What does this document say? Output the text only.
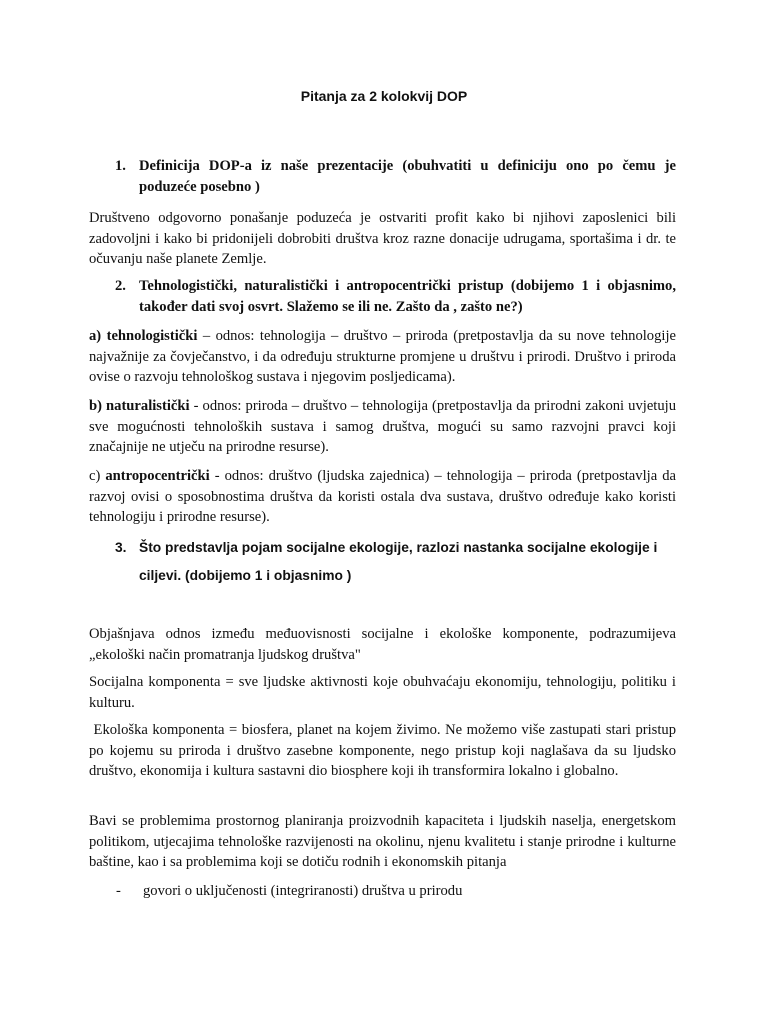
Pitanja za 2 kolokvij DOP
1. Definicija DOP-a iz naše prezentacije (obuhvatiti u definiciju ono po čemu je poduzeće posebno )
Društveno odgovorno ponašanje poduzeća je ostvariti profit kako bi njihovi zaposlenici bili zadovoljni i kako bi pridonijeli dobrobiti društva kroz razne donacije udrugama, sportašima i dr. te očuvanju naše planete Zemlje.
2. Tehnologistički, naturalistički i antropocentrički pristup (dobijemo 1 i objasnimo, također dati svoj osvrt. Slažemo se ili ne. Zašto da , zašto ne?)
a) tehnologistički – odnos: tehnologija – društvo – priroda (pretpostavlja da su nove tehnologije najvažnije za čovječanstvo, i da određuju strukturne promjene u društvu i prirodi. Društvo i priroda ovise o razvoju tehnološkog sustava i njegovim posljedicama).
b) naturalistički - odnos: priroda – društvo – tehnologija (pretpostavlja da prirodni zakoni uvjetuju sve mogućnosti tehnoloških sustava i samog društva, mogući su samo razvojni pravci koji značajnije ne utječu na prirodne resurse).
c) antropocentrički - odnos: društvo (ljudska zajednica) – tehnologija – priroda (pretpostavlja da razvoj ovisi o sposobnostima društva da koristi ostala dva sustava, društvo određuje kako koristi tehnologiju i prirodne resurse).
3. Što predstavlja pojam socijalne ekologije, razlozi nastanka socijalne ekologije i
ciljevi. (dobijemo 1 i objasnimo )
Objašnjava odnos između međuovisnosti socijalne i ekološke komponente, podrazumijeva „ekološki način promatranja ljudskog društva"
Socijalna komponenta = sve ljudske aktivnosti koje obuhvaćaju ekonomiju, tehnologiju, politiku i kulturu.
Ekološka komponenta = biosfera, planet na kojem živimo. Ne možemo više zastupati stari pristup po kojemu su priroda i društvo zasebne komponente, nego pristup koji naglašava da su ljudsko društvo, ekonomija i kultura sastavni dio biosphere koji ih transformira lokalno i globalno.
Bavi se problemima prostornog planiranja proizvodnih kapaciteta i ljudskih naselja, energetskom politikom, utjecajima tehnološke razvijenosti na okolinu, njenu kvalitetu i stanje prirodne i kulturne baštine, kao i sa problemima koji se dotiču rodnih i ekonomskih pitanja
- govori o uključenosti (integriranosti) društva u prirodu
